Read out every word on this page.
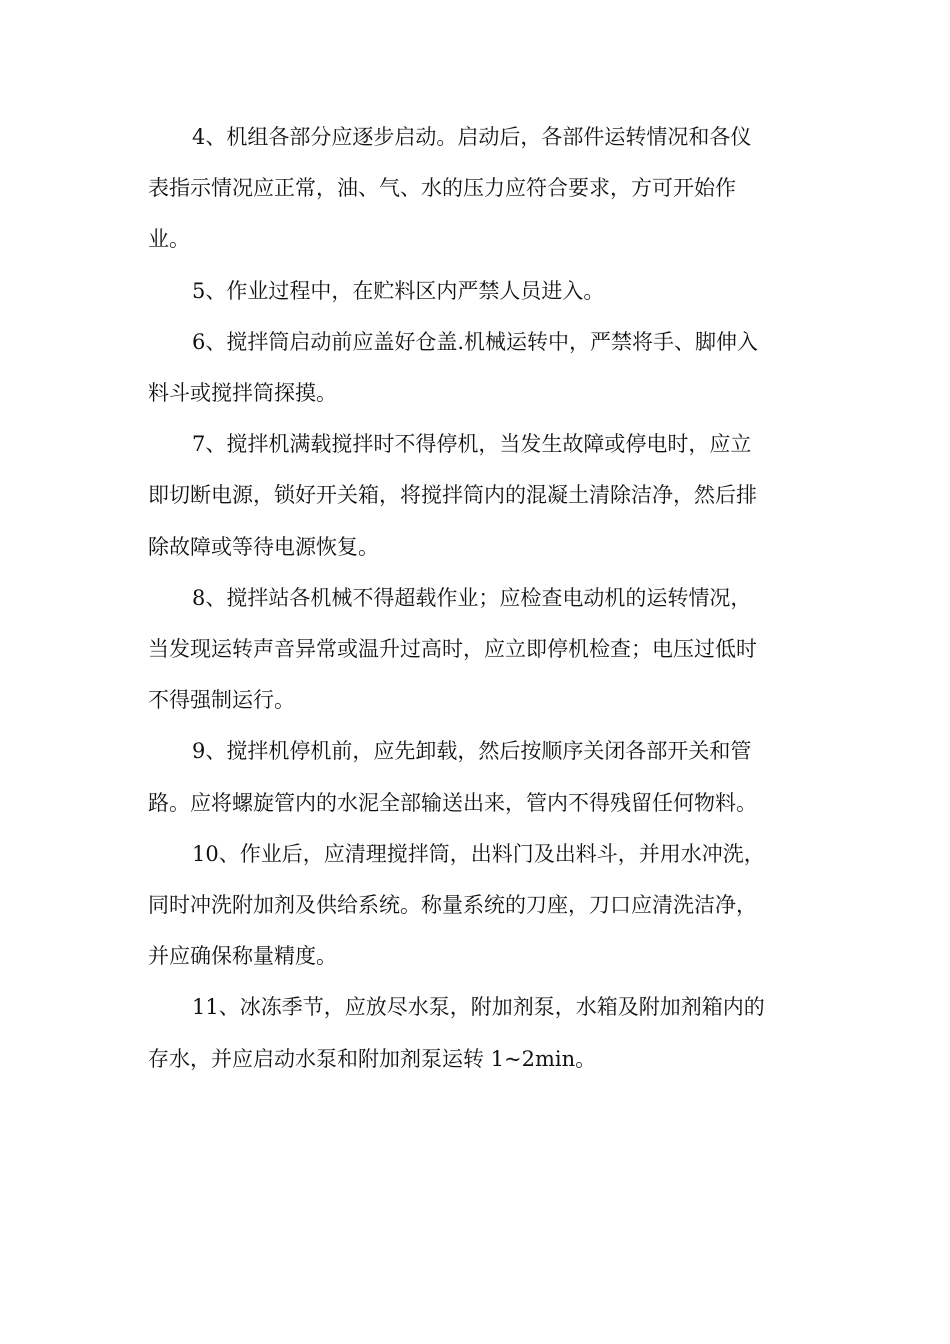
4、机组各部分应逐步启动。启动后，各部件运转情况和各仪
表指示情况应正常，油、气、水的压力应符合要求，方可开始作
业。

5、作业过程中，在贮料区内严禁人员进入。

6、搅拌筒启动前应盖好仓盖.机械运转中，严禁将手、脚伸入
料斗或搅拌筒探摸。

7、搅拌机满载搅拌时不得停机，当发生故障或停电时，应立
即切断电源，锁好开关箱，将搅拌筒内的混凝土清除洁净，然后排
除故障或等待电源恢复。

8、搅拌站各机械不得超载作业；应检查电动机的运转情况，
当发现运转声音异常或温升过高时，应立即停机检查；电压过低时
不得强制运行。

9、搅拌机停机前，应先卸载，然后按顺序关闭各部开关和管
路。应将螺旋管内的水泥全部输送出来，管内不得残留任何物料。

10、作业后，应清理搅拌筒，出料门及出料斗，并用水冲洗，
同时冲洗附加剂及供给系统。称量系统的刀座，刀口应清洗洁净，
并应确保称量精度。

11、冰冻季节，应放尽水泵，附加剂泵，水箱及附加剂箱内的
存水，并应启动水泵和附加剂泵运转 1~2min。
